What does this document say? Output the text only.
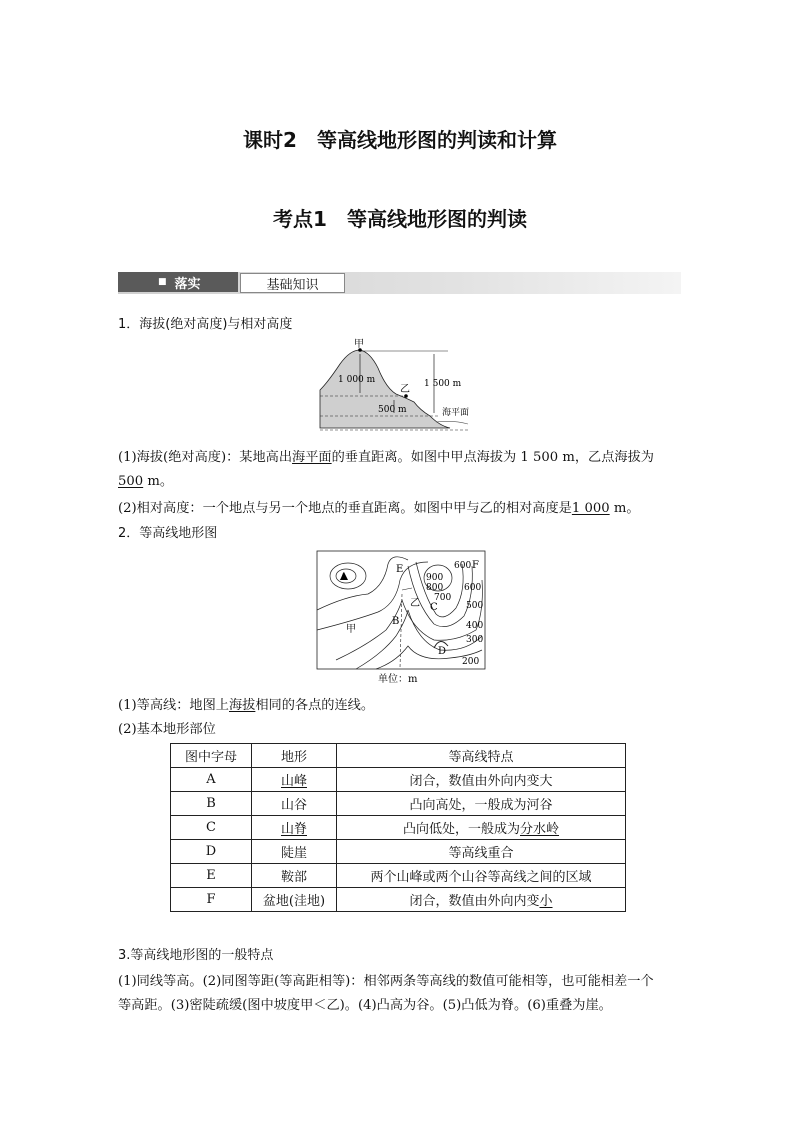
课时2　等高线地形图的判读和计算
考点1　等高线地形图的判读
■ 落实	基础知识
1．海拔(绝对高度)与相对高度
甲
乙
1 000 m	1 500 m
500 m	海平面
(1)海拔(绝对高度)：某地高出海平面的垂直距离。如图中甲点海拔为 1 500 m，乙点海拔为
500 m。
(2)相对高度：一个地点与另一个地点的垂直距离。如图中甲与乙的相对高度是1 000 m。
2．等高线地形图
A
B
C
D
E	F
甲
乙
900
800
700
600
600
500
400
300
200
单位：m
(1)等高线：地图上海拔相同的各点的连线。
(2)基本地形部位
图中字母	地形	等高线特点
A	山峰	闭合，数值由外向内变大
B	山谷	凸向高处，一般成为河谷
C	山脊	凸向低处，一般成为分水岭
D	陡崖	等高线重合
E	鞍部	两个山峰或两个山谷等高线之间的区域
F	盆地(洼地)	闭合，数值由外向内变小
3.等高线地形图的一般特点
(1)同线等高。(2)同图等距(等高距相等)：相邻两条等高线的数值可能相等，也可能相差一个
等高距。(3)密陡疏缓(图中坡度甲＜乙)。(4)凸高为谷。(5)凸低为脊。(6)重叠为崖。
